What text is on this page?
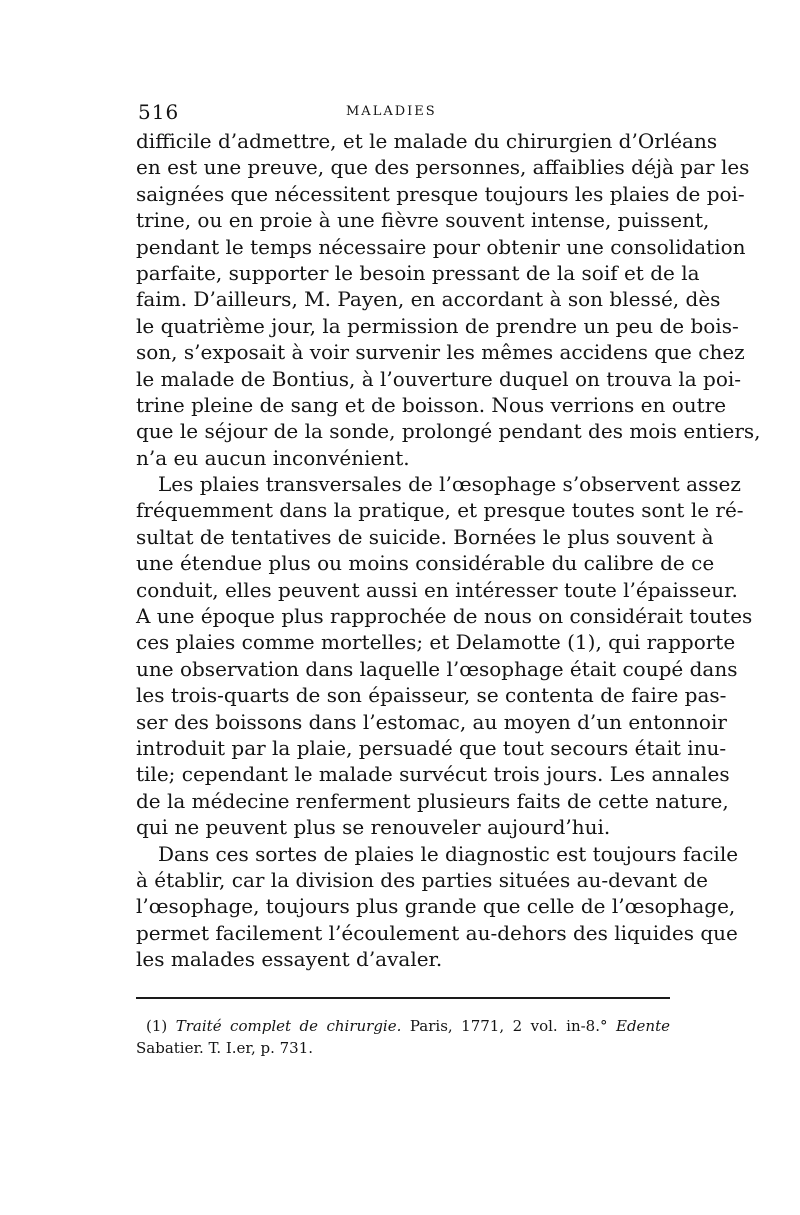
516	MALADIES
difficile d’admettre, et le malade du chirurgien d’Orléans
en est une preuve, que des personnes, affaiblies déjà par les
saignées que nécessitent presque toujours les plaies de poi-
trine, ou en proie à une fièvre souvent intense, puissent,
pendant le temps nécessaire pour obtenir une consolidation
parfaite, supporter le besoin pressant de la soif et de la
faim. D’ailleurs, M. Payen, en accordant à son blessé, dès
le quatrième jour, la permission de prendre un peu de bois-
son, s’exposait à voir survenir les mêmes accidens que chez
le malade de Bontius, à l’ouverture duquel on trouva la poi-
trine pleine de sang et de boisson. Nous verrions en outre
que le séjour de la sonde, prolongé pendant des mois entiers,
n’a eu aucun inconvénient.
Les plaies transversales de l’œsophage s’observent assez
fréquemment dans la pratique, et presque toutes sont le ré-
sultat de tentatives de suicide. Bornées le plus souvent à
une étendue plus ou moins considérable du calibre de ce
conduit, elles peuvent aussi en intéresser toute l’épaisseur.
A une époque plus rapprochée de nous on considérait toutes
ces plaies comme mortelles; et Delamotte (1), qui rapporte
une observation dans laquelle l’œsophage était coupé dans
les trois-quarts de son épaisseur, se contenta de faire pas-
ser des boissons dans l’estomac, au moyen d’un entonnoir
introduit par la plaie, persuadé que tout secours était inu-
tile; cependant le malade survécut trois jours. Les annales
de la médecine renferment plusieurs faits de cette nature,
qui ne peuvent plus se renouveler aujourd’hui.
Dans ces sortes de plaies le diagnostic est toujours facile
à établir, car la division des parties situées au-devant de
l’œsophage, toujours plus grande que celle de l’œsophage,
permet facilement l’écoulement au-dehors des liquides que
les malades essayent d’avaler.
(1) Traité complet de chirurgie. Paris, 1771, 2 vol. in-8.° Edente
Sabatier. T. I.er, p. 731.
